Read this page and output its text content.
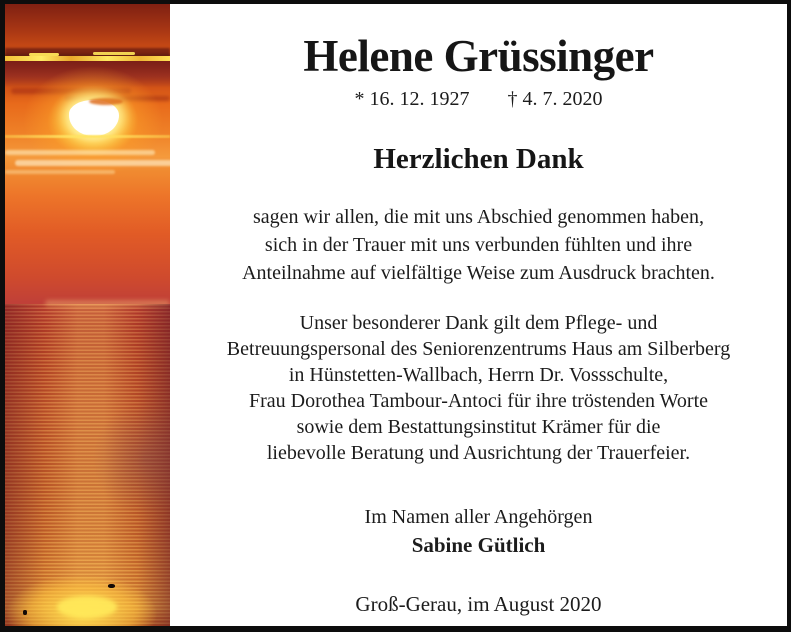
Helene Grüssinger
* 16. 12. 1927 † 4. 7. 2020
Herzlichen Dank
sagen wir allen, die mit uns Abschied genommen haben,
sich in der Trauer mit uns verbunden fühlten und ihre
Anteilnahme auf vielfältige Weise zum Ausdruck brachten.
Unser besonderer Dank gilt dem Pflege- und
Betreuungspersonal des Seniorenzentrums Haus am Silberberg
in Hünstetten-Wallbach, Herrn Dr. Vossschulte,
Frau Dorothea Tambour-Antoci für ihre tröstenden Worte
sowie dem Bestattungsinstitut Krämer für die
liebevolle Beratung und Ausrichtung der Trauerfeier.
Im Namen aller Angehörgen
Sabine Gütlich
Groß-Gerau, im August 2020
